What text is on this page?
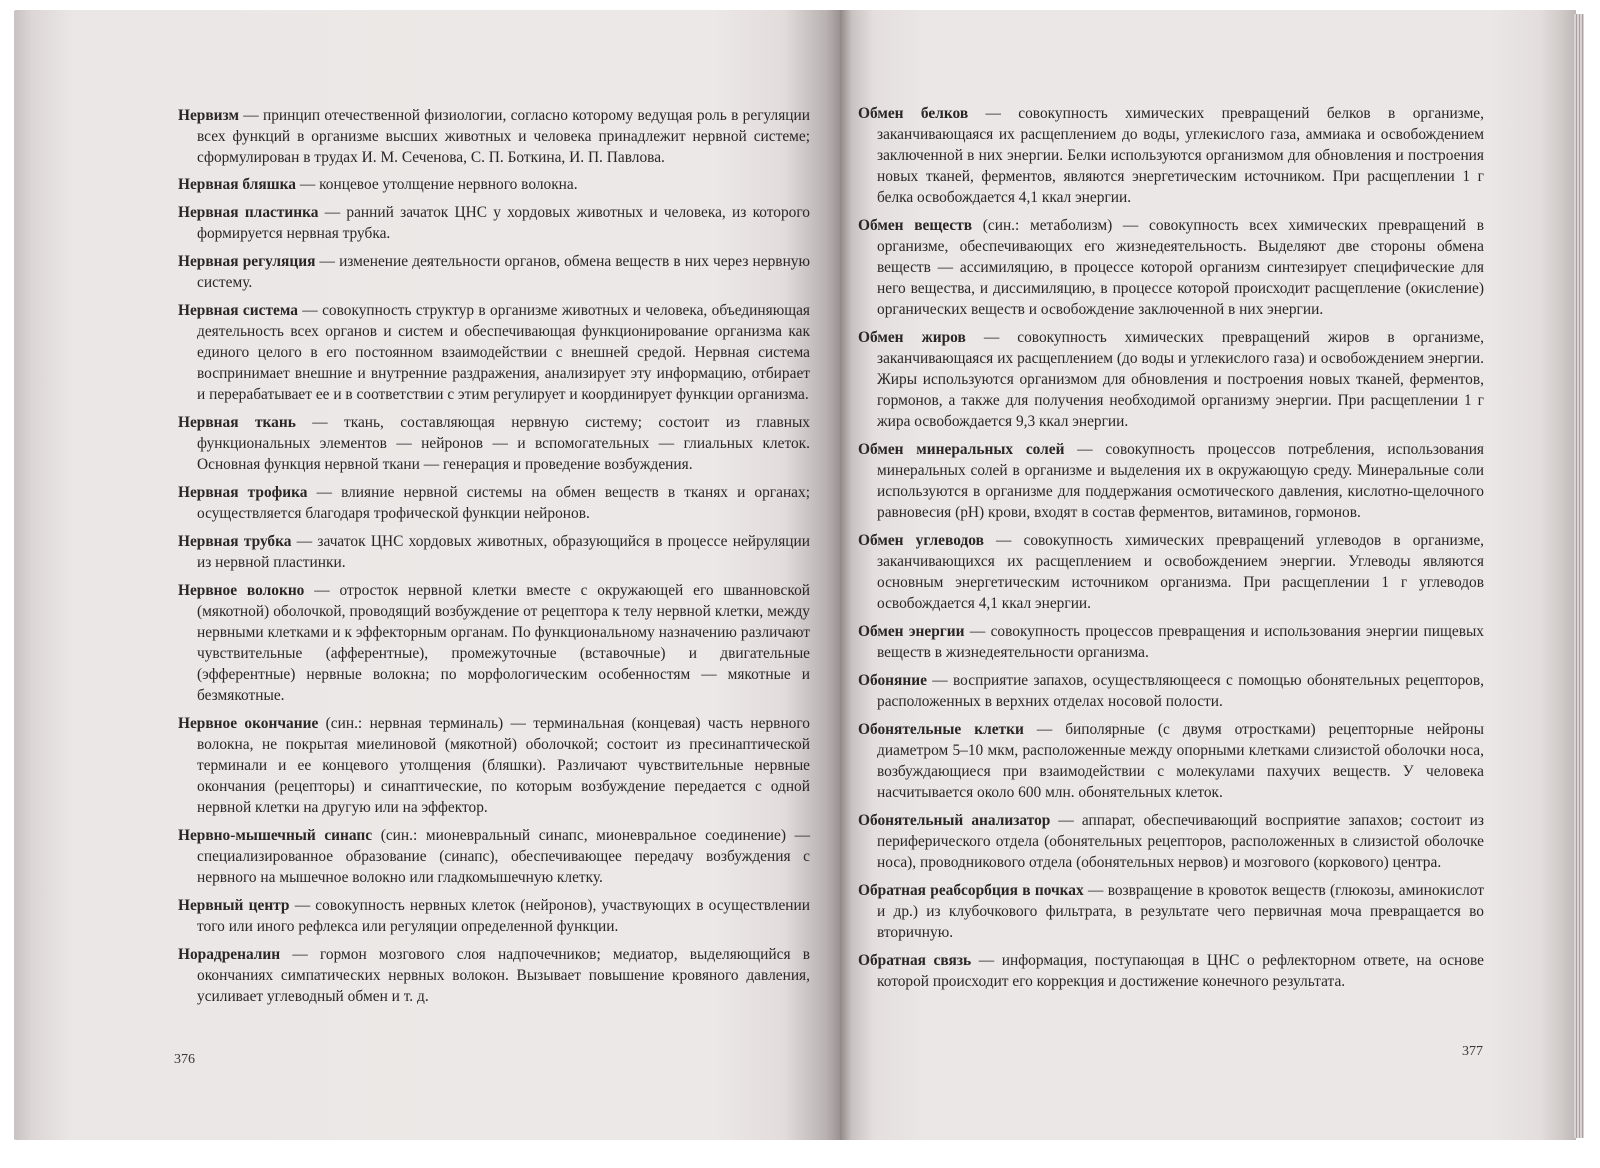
Нервизм — принцип отечественной физиологии, согласно которому ведущая роль в регуляции всех функций в организме высших животных и человека принадлежит нервной системе; сформулирован в трудах И. М. Сеченова, С. П. Боткина, И. П. Павлова.
Нервная бляшка — концевое утолщение нервного волокна.
Нервная пластинка — ранний зачаток ЦНС у хордовых животных и человека, из которого формируется нервная трубка.
Нервная регуляция — изменение деятельности органов, обмена веществ в них через нервную систему.
Нервная система — совокупность структур в организме животных и человека, объединяющая деятельность всех органов и систем и обеспечивающая функционирование организма как единого целого в его постоянном взаимодействии с внешней средой. Нервная система воспринимает внешние и внутренние раздражения, анализирует эту информацию, отбирает и перерабатывает ее и в соответствии с этим регулирует и координирует функции организма.
Нервная ткань — ткань, составляющая нервную систему; состоит из главных функциональных элементов — нейронов — и вспомогательных — глиальных клеток. Основная функция нервной ткани — генерация и проведение возбуждения.
Нервная трофика — влияние нервной системы на обмен веществ в тканях и органах; осуществляется благодаря трофической функции нейронов.
Нервная трубка — зачаток ЦНС хордовых животных, образующийся в процессе нейруляции из нервной пластинки.
Нервное волокно — отросток нервной клетки вместе с окружающей его шванновской (мякотной) оболочкой, проводящий возбуждение от рецептора к телу нервной клетки, между нервными клетками и к эффекторным органам. По функциональному назначению различают чувствительные (афферентные), промежуточные (вставочные) и двигательные (эфферентные) нервные волокна; по морфологическим особенностям — мякотные и безмякотные.
Нервное окончание (син.: нервная терминаль) — терминальная (концевая) часть нервного волокна, не покрытая миелиновой (мякотной) оболочкой; состоит из пресинаптической терминали и ее концевого утолщения (бляшки). Различают чувствительные нервные окончания (рецепторы) и синаптические, по которым возбуждение передается с одной нервной клетки на другую или на эффектор.
Нервно-мышечный синапс (син.: мионевральный синапс, мионевральное соединение) — специализированное образование (синапс), обеспечивающее передачу возбуждения с нервного на мышечное волокно или гладкомышечную клетку.
Нервный центр — совокупность нервных клеток (нейронов), участвующих в осуществлении того или иного рефлекса или регуляции определенной функции.
Норадреналин — гормон мозгового слоя надпочечников; медиатор, выделяющийся в окончаниях симпатических нервных волокон. Вызывает повышение кровяного давления, усиливает углеводный обмен и т. д.
376
Обмен белков — совокупность химических превращений белков в организме, заканчивающаяся их расщеплением до воды, углекислого газа, аммиака и освобождением заключенной в них энергии. Белки используются организмом для обновления и построения новых тканей, ферментов, являются энергетическим источником. При расщеплении 1 г белка освобождается 4,1 ккал энергии.
Обмен веществ (син.: метаболизм) — совокупность всех химических превращений в организме, обеспечивающих его жизнедеятельность. Выделяют две стороны обмена веществ — ассимиляцию, в процессе которой организм синтезирует специфические для него вещества, и диссимиляцию, в процессе которой происходит расщепление (окисление) органических веществ и освобождение заключенной в них энергии.
Обмен жиров — совокупность химических превращений жиров в организме, заканчивающаяся их расщеплением (до воды и углекислого газа) и освобождением энергии. Жиры используются организмом для обновления и построения новых тканей, ферментов, гормонов, а также для получения необходимой организму энергии. При расщеплении 1 г жира освобождается 9,3 ккал энергии.
Обмен минеральных солей — совокупность процессов потребления, использования минеральных солей в организме и выделения их в окружающую среду. Минеральные соли используются в организме для поддержания осмотического давления, кислотно-щелочного равновесия (pH) крови, входят в состав ферментов, витаминов, гормонов.
Обмен углеводов — совокупность химических превращений углеводов в организме, заканчивающихся их расщеплением и освобождением энергии. Углеводы являются основным энергетическим источником организма. При расщеплении 1 г углеводов освобождается 4,1 ккал энергии.
Обмен энергии — совокупность процессов превращения и использования энергии пищевых веществ в жизнедеятельности организма.
Обоняние — восприятие запахов, осуществляющееся с помощью обонятельных рецепторов, расположенных в верхних отделах носовой полости.
Обонятельные клетки — биполярные (с двумя отростками) рецепторные нейроны диаметром 5–10 мкм, расположенные между опорными клетками слизистой оболочки носа, возбуждающиеся при взаимодействии с молекулами пахучих веществ. У человека насчитывается около 600 млн. обонятельных клеток.
Обонятельный анализатор — аппарат, обеспечивающий восприятие запахов; состоит из периферического отдела (обонятельных рецепторов, расположенных в слизистой оболочке носа), проводникового отдела (обонятельных нервов) и мозгового (коркового) центра.
Обратная реабсорбция в почках — возвращение в кровоток веществ (глюкозы, аминокислот и др.) из клубочкового фильтрата, в результате чего первичная моча превращается во вторичную.
Обратная связь — информация, поступающая в ЦНС о рефлекторном ответе, на основе которой происходит его коррекция и достижение конечного результата.
377
